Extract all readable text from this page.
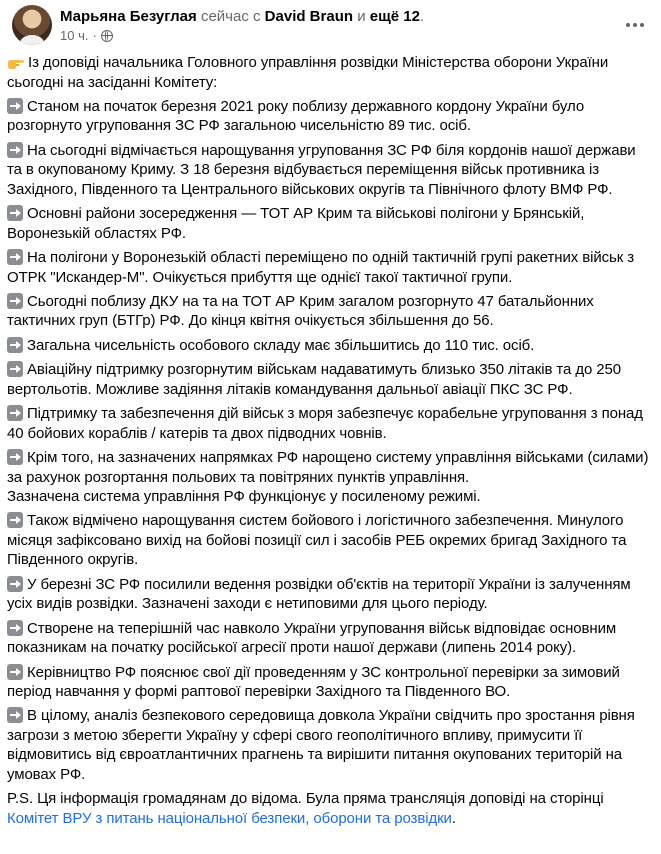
Марьяна Безуглая сейчас с David Braun и ещё 12.
10 ч. ·

Із доповіді начальника Головного управління розвідки Міністерства оборони України сьогодні на засіданні Комітету:

Станом на початок березня 2021 року поблизу державного кордону України було розгорнуто угруповання ЗС РФ загальною чисельністю 89 тис. осіб.

На сьогодні відмічається нарощування угруповання ЗС РФ біля кордонів нашої держави та в окупованому Криму. З 18 березня відбувається переміщення військ противника із Західного, Південного та Центрального військових округів та Північного флоту ВМФ РФ.

Основні райони зосередження — ТОТ АР Крим та військові полігони у Брянській, Воронезькій областях РФ.

На полігони у Воронезькій області переміщено по одній тактичній групі ракетних військ з ОТРК "Искандер-М". Очікується прибуття ще однієї такої тактичної групи.

Сьогодні поблизу ДКУ на та на ТОТ АР Крим загалом розгорнуто 47 батальйонних тактичних груп (БТГр) РФ. До кінця квітня очікується збільшення до 56.

Загальна чисельність особового складу має збільшитись до 110 тис. осіб.

Авіаційну підтримку розгорнутим військам надаватимуть близько 350 літаків та до 250 вертольотів. Можливе задіяння літаків командування дальньої авіації ПКС ЗС РФ.

Підтримку та забезпечення дій військ з моря забезпечує корабельне угруповання з понад 40 бойових кораблів / катерів та двох підводних човнів.

Крім того, на зазначених напрямках РФ нарощено систему управління військами (силами) за рахунок розгортання польових та повітряних пунктів управління.
Зазначена система управління РФ функціонує у посиленому режимі.

Також відмічено нарощування систем бойового і логістичного забезпечення. Минулого місяця зафіксовано вихід на бойові позиції сил і засобів РЕБ окремих бригад Західного та Південного округів.

У березні ЗС РФ посилили ведення розвідки об'єктів на території України із залученням усіх видів розвідки. Зазначені заходи є нетиповими для цього періоду.

Створене на теперішній час навколо України угруповання військ відповідає основним показникам на початку російської агресії проти нашої держави (липень 2014 року).

Керівництво РФ пояснює свої дії проведенням у ЗС контрольної перевірки за зимовий період навчання у формі раптової перевірки Західного та Південного ВО.

В цілому, аналіз безпекового середовища довкола України свідчить про зростання рівня загрози з метою зберегти Україну у сфері свого геополітичного впливу, примусити її відмовитись від євроатлантичних прагнень та вирішити питання окупованих територій на умовах РФ.

P.S. Ця інформація громадянам до відома. Була пряма трансляція доповіді на сторінці Комітет ВРУ з питань національної безпеки, оборони та розвідки.
